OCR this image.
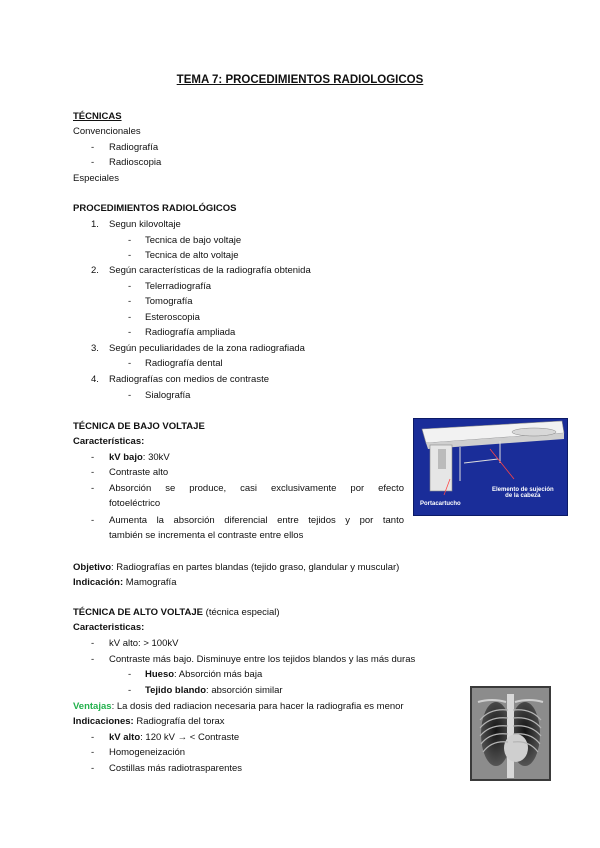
TEMA 7: PROCEDIMIENTOS RADIOLOGICOS
TÉCNICAS
Convencionales
- Radiografía
- Radioscopia
Especiales
PROCEDIMIENTOS RADIOLÓGICOS
1. Segun kilovoltaje
- Tecnica de bajo voltaje
- Tecnica de alto voltaje
2. Según características de la radiografía obtenida
- Telerradiografía
- Tomografía
- Esteroscopia
- Radiografía ampliada
3. Según peculiaridades de la zona radiografiada
- Radiografía dental
4. Radiografías con medios de contraste
- Sialografía
TÉCNICA DE BAJO VOLTAJE
Características:
- kV bajo: 30kV
- Contraste alto
- Absorción se produce, casi exclusivamente por efecto
fotoeléctrico
- Aumenta la absorción diferencial entre tejidos y por tanto
también se incrementa el contraste entre ellos
Objetivo: Radiografías en partes blandas (tejido graso, glandular y muscular)
Indicación: Mamografía
Portacartucho
Elemento de sujeción
de la cabeza
TÉCNICA DE ALTO VOLTAJE (técnica especial)
Caracteristicas:
- kV alto: > 100kV
- Contraste más bajo. Disminuye entre los tejidos blandos y las más duras
- Hueso: Absorción más baja
- Tejido blando: absorción similar
Ventajas: La dosis ded radiacion necesaria para hacer la radiografia es menor
Indicaciones: Radiografía del torax
- kV alto: 120 kV → < Contraste
- Homogeneización
- Costillas más radiotrasparentes
